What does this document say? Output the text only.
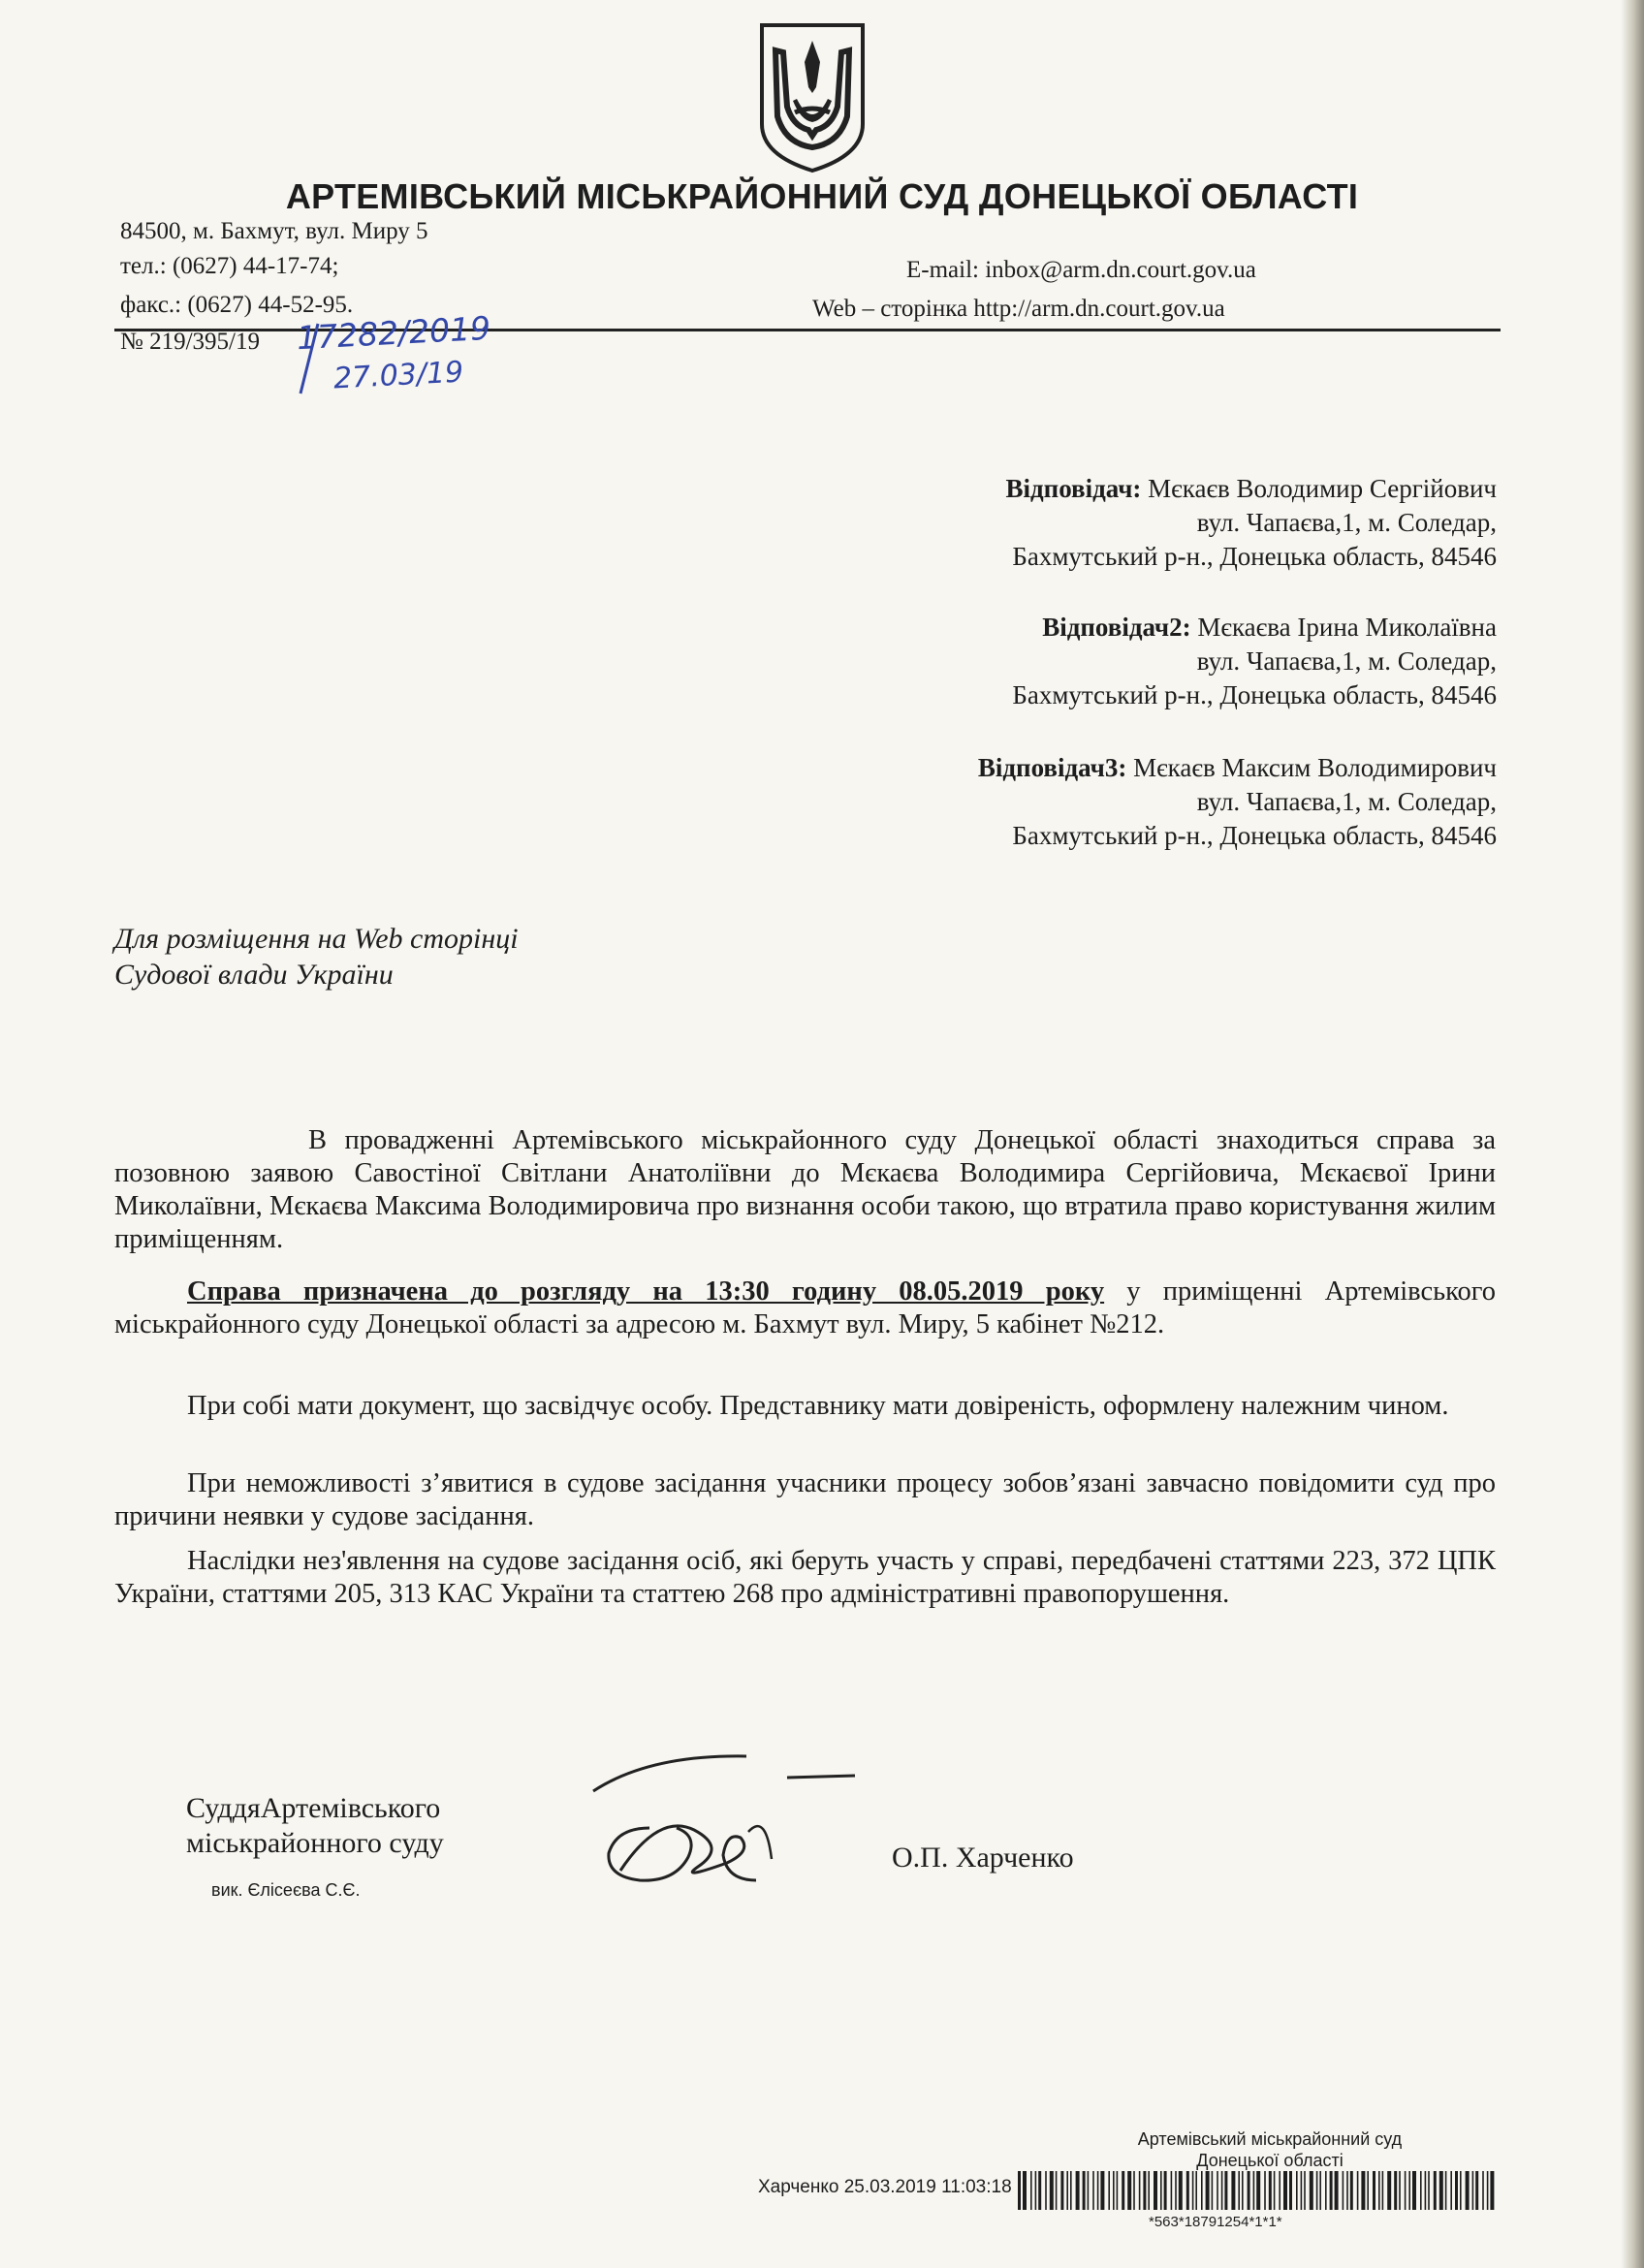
АРТЕМІВСЬКИЙ МІСЬКРАЙОННИЙ СУД ДОНЕЦЬКОЇ ОБЛАСТІ
84500, м. Бахмут, вул. Миру 5
тел.: (0627) 44-17-74;
факс.: (0627) 44-52-95.
E-mail: inbox@arm.dn.court.gov.ua
Web – сторінка http://arm.dn.court.gov.ua
№ 219/395/19 17282/2019
27.03/19
Відповідач: Мєкаєв Володимир Сергійович
вул. Чапаєва,1, м. Соледар,
Бахмутський р-н., Донецька область, 84546
Відповідач2: Мєкаєва Ірина Миколаївна
вул. Чапаєва,1, м. Соледар,
Бахмутський р-н., Донецька область, 84546
Відповідач3: Мєкаєв Максим Володимирович
вул. Чапаєва,1, м. Соледар,
Бахмутський р-н., Донецька область, 84546
Для розміщення на Web сторінці
Судової влади України

В провадженні Артемівського міськрайонного суду Донецької області знаходиться справа за позовною заявою Савостіної Світлани Анатоліївни до Мєкаєва Володимира Сергійовича, Мєкаєвої Ірини Миколаївни, Мєкаєва Максима Володимировича про визнання особи такою, що втратила право користування жилим приміщенням.

Справа призначена до розгляду на 13:30 годину 08.05.2019 року у приміщенні Артемівського міськрайонного суду Донецької області за адресою м. Бахмут вул. Миру, 5 кабінет №212.

При собі мати документ, що засвідчує особу. Представнику мати довіреність, оформлену належним чином.

При неможливості з’явитися в судове засідання учасники процесу зобов’язані завчасно повідомити суд про причини неявки у судове засідання.

Наслідки нез'явлення на судове засідання осіб, які беруть участь у справі, передбачені статтями 223, 372 ЦПК України, статтями 205, 313 КАС України та статтею 268 про адміністративні правопорушення.

СуддяАртемівського
міськрайонного суду
вик. Єлісеєва С.Є.
О.П. Харченко
Артемівський міськрайонний суд
Донецької області
Харченко 25.03.2019 11:03:18
*563*18791254*1*1*
